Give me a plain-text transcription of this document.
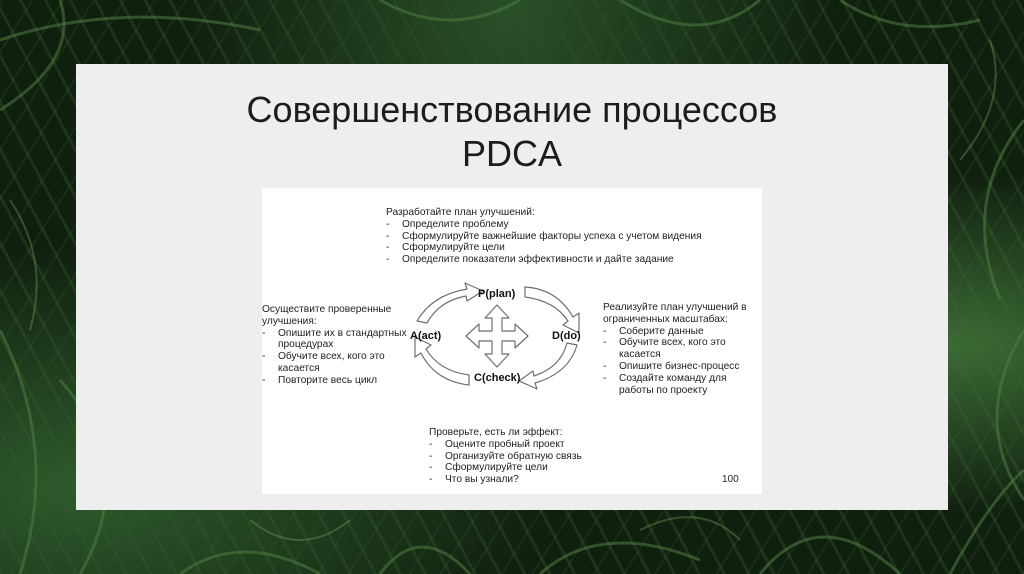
Совершенствование процессов
PDCA
Разработайте план улучшений:
- Определите проблему
- Сформулируйте важнейшие факторы успеха с учетом видения
- Сформулируйте цели
- Определите показатели эффективности и дайте задание
Осуществите проверенные улучшения:
- Опишите их в стандартных процедурах
- Обучите всех, кого это касается
- Повторите весь цикл
Реализуйте план улучшений в ограниченных масштабах:
- Соберите данные
- Обучите всех, кого это касается
- Опишите бизнес-процесс
- Создайте команду для работы по проекту
Проверьте, есть ли эффект:
- Оцените пробный проект
- Организуйте обратную связь
- Сформулируйте цели
- Что вы узнали?
P(plan)
D(do)
C(check)
A(act)
100
